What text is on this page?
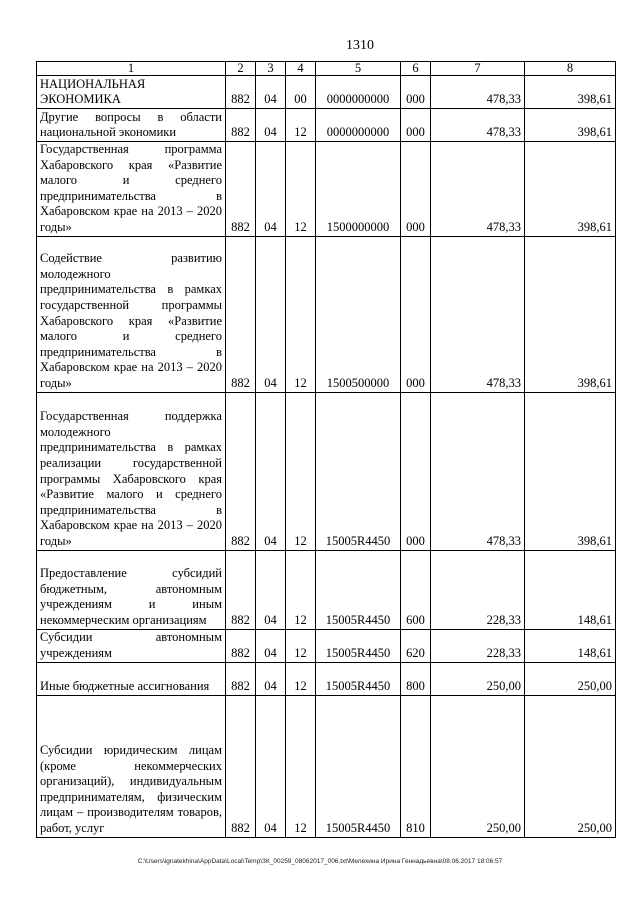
1310
1	2	3	4	5	6	7	8
НАЦИОНАЛЬНАЯ ЭКОНОМИКА	882	04	00	0000000000	000	478,33	398,61
Другие вопросы в области национальной экономики	882	04	12	0000000000	000	478,33	398,61
Государственная программа Хабаровского края «Развитие малого и среднего предпринимательства в Хабаровском крае на 2013 – 2020 годы»	882	04	12	1500000000	000	478,33	398,61
Содействие развитию молодежного предпринимательства в рамках государственной программы Хабаровского края «Развитие малого и среднего предпринимательства в Хабаровском крае на 2013 – 2020 годы»	882	04	12	1500500000	000	478,33	398,61
Государственная поддержка молодежного предпринимательства в рамках реализации государственной программы Хабаровского края «Развитие малого и среднего предпринимательства в Хабаровском крае на 2013 – 2020 годы»	882	04	12	15005R4450	000	478,33	398,61
Предоставление субсидий бюджетным, автономным учреждениям и иным некоммерческим организациям	882	04	12	15005R4450	600	228,33	148,61
Субсидии автономным учреждениям	882	04	12	15005R4450	620	228,33	148,61
Иные бюджетные ассигнования	882	04	12	15005R4450	800	250,00	250,00
Субсидии юридическим лицам (кроме некоммерческих организаций), индивидуальным предпринимателям, физическим лицам – производителям товаров, работ, услуг	882	04	12	15005R4450	810	250,00	250,00
C:\Users\ignatekhina\AppData\Local\Temp\ЗК_00259_08062017_006.txt\Мелехина Ирина Геннадьевна\08.06.2017 18:06:57
